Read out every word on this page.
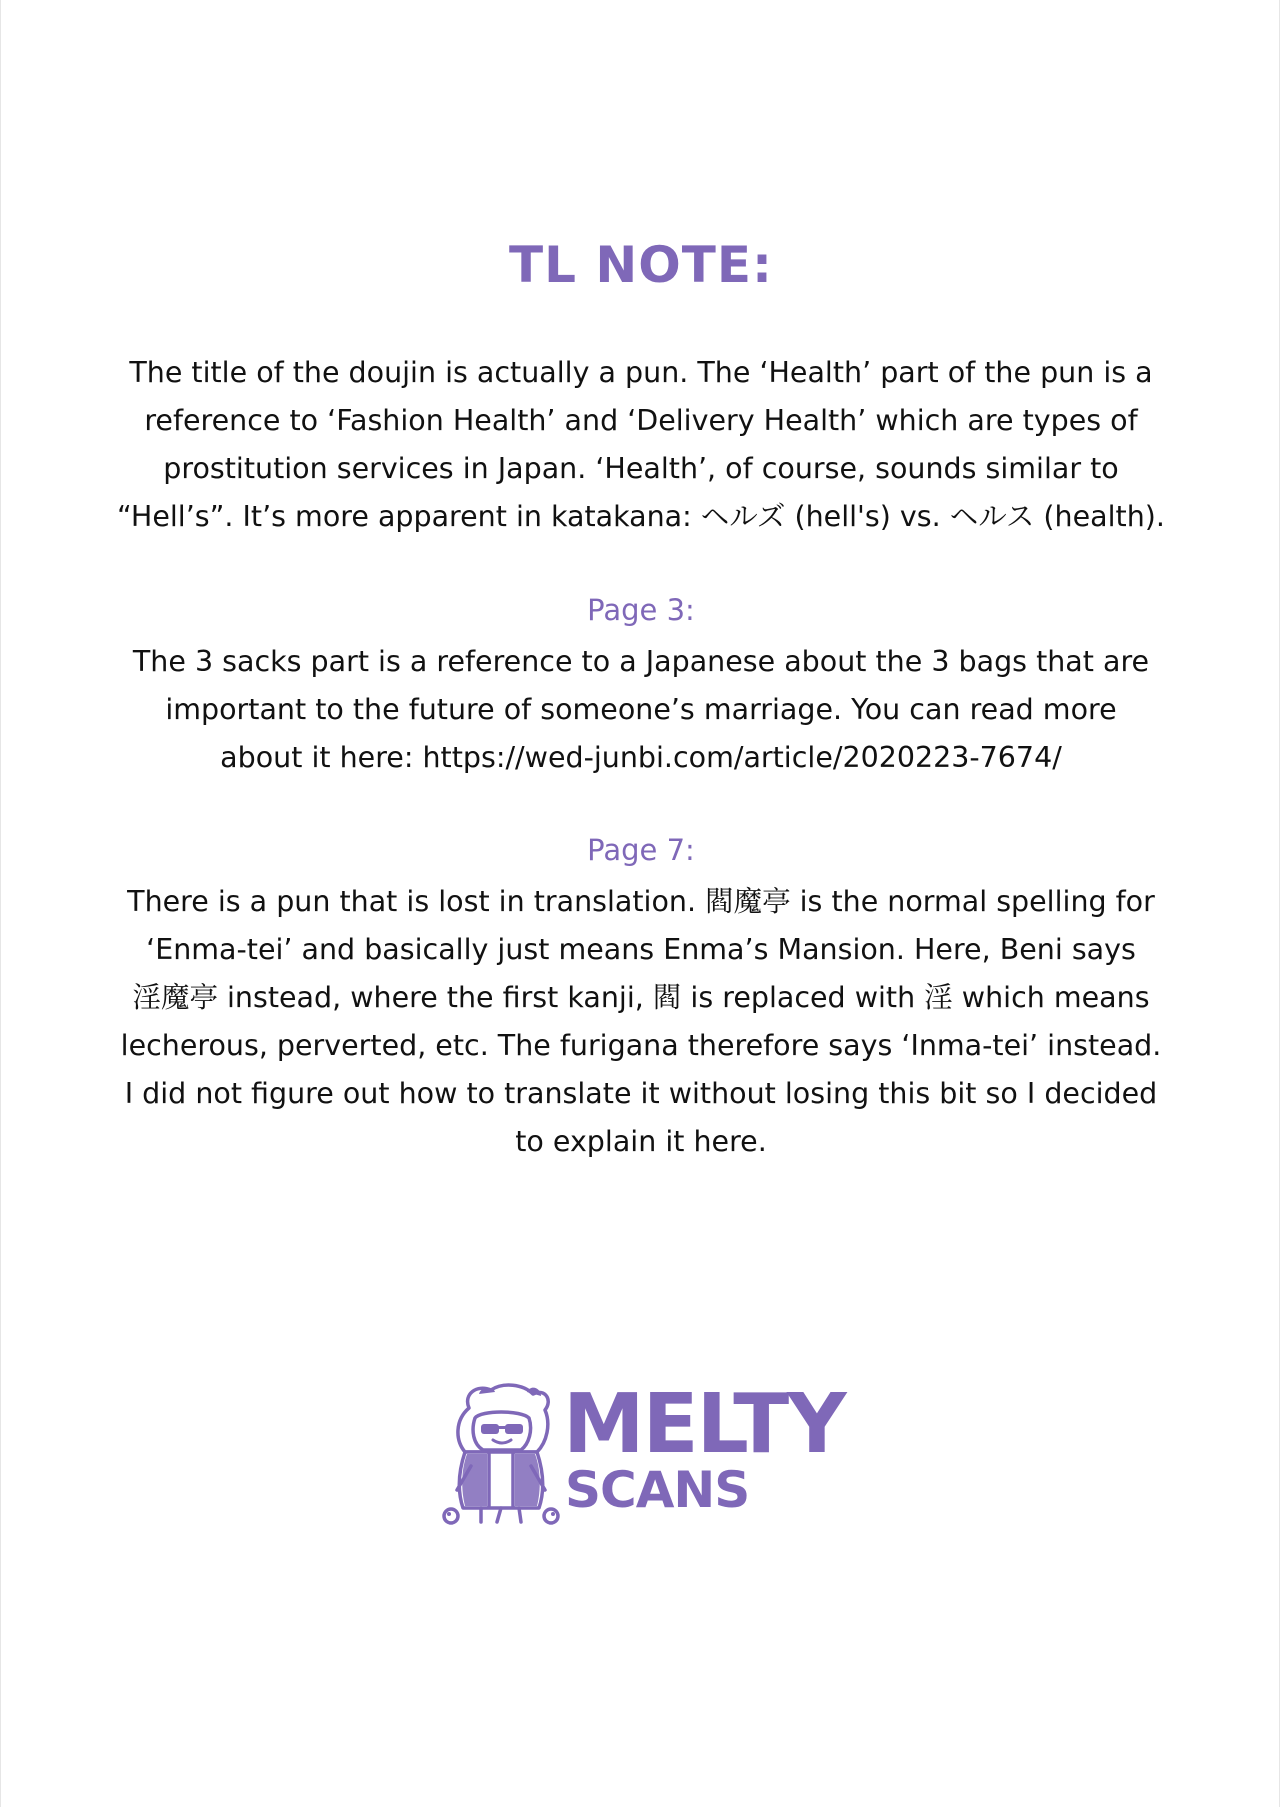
TL NOTE:

The title of the doujin is actually a pun. The ‘Health’ part of the pun is a

reference to ‘Fashion Health’ and ‘Delivery Health’ which are types of

prostitution services in Japan. ‘Health’, of course, sounds similar to

“Hell’s”. It’s more apparent in katakana: ヘルズ (hell's) vs. ヘルス (health).

Page 3:

The 3 sacks part is a reference to a Japanese about the 3 bags that are

important to the future of someone’s marriage. You can read more

about it here: https://wed-junbi.com/article/2020223-7674/

Page 7:

There is a pun that is lost in translation. 閻魔亭 is the normal spelling for

‘Enma-tei’ and basically just means Enma’s Mansion. Here, Beni says

淫魔亭 instead, where the first kanji, 閻 is replaced with 淫 which means

lecherous, perverted, etc. The furigana therefore says ‘Inma-tei’ instead.

I did not figure out how to translate it without losing this bit so I decided

to explain it here.

MELTY
SCANS
